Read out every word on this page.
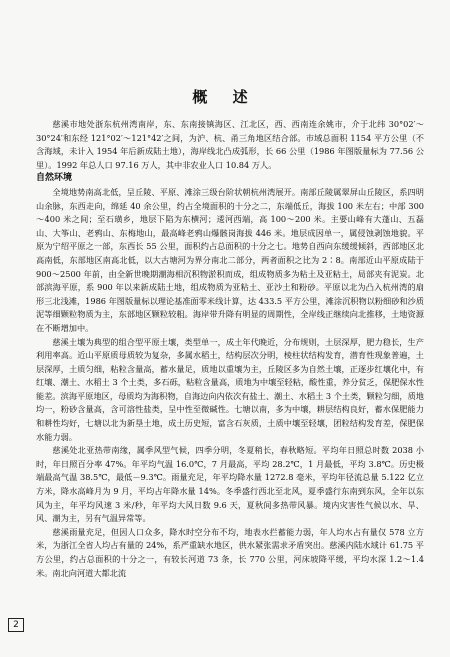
概 述

慈溪市地处浙东杭州湾南岸，东、东南接镇海区、江北区，西、西南连余姚市，介于北纬 30°02′～30°24′和东经 121°02′～121°42′之间，为沪、杭、甬三角地区结合部。市域总面积 1154 平方公里（不含海域，未计入 1954 年后新成陆土地），海岸线北凸成弧形，长 66 公里（1986 年图版量标为 77.56 公里）。1992 年总人口 97.16 万人，其中非农业人口 10.84 万人。

自然环境

全境地势南高北低，呈丘陵、平原、滩涂三级台阶状朝杭州湾展开。南部丘陵属翠屏山丘陵区，系四明山余脉，东西走向，绵延 40 余公里，约占全境面积的十分之二，东端低丘，海拔 100 米左右；中部 300～400 米之间；至石璜乡，地层下陷为东横河；逶河西端，高 100～200 米。主要山峰有大蓬山、五磊山、大筝山、老鸦山、东梅地山，最高峰老鸦山爆骸岗海拔 446 米。地层成因单一，属侵蚀剥蚀地貌。平原为宁绍平原之一部，东西长 55 公里，面积约占总面积的十分之七。地势自西向东缓缓倾斜，西部地区北高南低，东部地区南高北低，以大古塘河为界分南北二部分，两者面积之比为 2∶8。南部近山平原成陆于 900～2500 年前，由全新世晚期潮海相沉积物淤积而成，组成物质多为粘土及亚粘土，局部夹有泥炭。北部滨海平原，系 900 年以来新成陆土地，组成物质为亚粘土、亚沙土和粉砂。平原以北为凸入杭州湾的扇形三北浅滩，1986 年图版量标以理论基准面零米线计算，达 433.5 平方公里，滩涂沉积物以粉细砂和沙质泥等细颗粒物质为主，东部地区颗粒较粗。海岸带升降有明显的周期性，全岸线正继续向北推移，土地资源在不断增加中。

慈溪土壤为典型的组合型平原土壤，类型单一，成土年代晚近，分布规则，土层深厚，肥力稳长，生产利用率高。近山平原质母质较为复杂，多属水稻土，结构层次分明，棱柱状结构发育，潜育性现象普遍，土层深厚，土质匀细，粘粒含量高，蓄水量足，质地以重壤为主，丘陵区多为自然土壤，正逐步红壤化中，有红壤、潮土、水稻土 3 个土类，多石砾，粘粒含量高，质地为中壤至轻粘，酸性重，养分贫乏，保肥保水性能差。滨海平原地区，母质均为海积物，自海边向内依次有盐土、潮土、水稻土 3 个土类，颗粒匀细，质地均一，粉砂含量高，含可溶性盐类，呈中性至微碱性。七塘以南，多为中壤，耕层结构良好，蓄水保肥能力和耕性均好，七塘以北为新垦土地，成土历史短，富含石灰质，土质中壤至轻壤，团粒结构发育差，保肥保水能力弱。

慈溪处北亚热带南缘，属季风型气候，四季分明，冬夏稍长，春秋略短。平均年日照总时数 2038 小时，年日照百分率 47%。年平均气温 16.0℃，7 月最高，平均 28.2℃，1 月最低，平均 3.8℃。历史极端最高气温 38.5℃，最低－9.3℃。雨量充足，年平均降水量 1272.8 毫米，平均年径流总量 5.122 亿立方米，降水高峰月为 9 月，平均占年降水量 14%。冬季盛行西北至北风，夏季盛行东南到东风，全年以东风为主，年平均风速 3 米/秒，年平均大风日数 9.6 天，夏秋间多热带风暴。境内灾害性气候以水、旱、风、潮为主，另有气温异常等。

慈溪雨量充足，但因人口众多，降水时空分布不均，地表水拦蓄能力弱，年人均水占有量仅 578 立方米，为浙江全省人均占有量的 24%，系严重缺水地区，供水紧张需求矛盾突出。慈溪内陆水域计 61.75 平方公里，约占总面积的十分之一，有较长河道 73 条，长 770 公里，河床坡降平缓，平均水深 1.2～1.4 米。南北向河道大都北流

2
